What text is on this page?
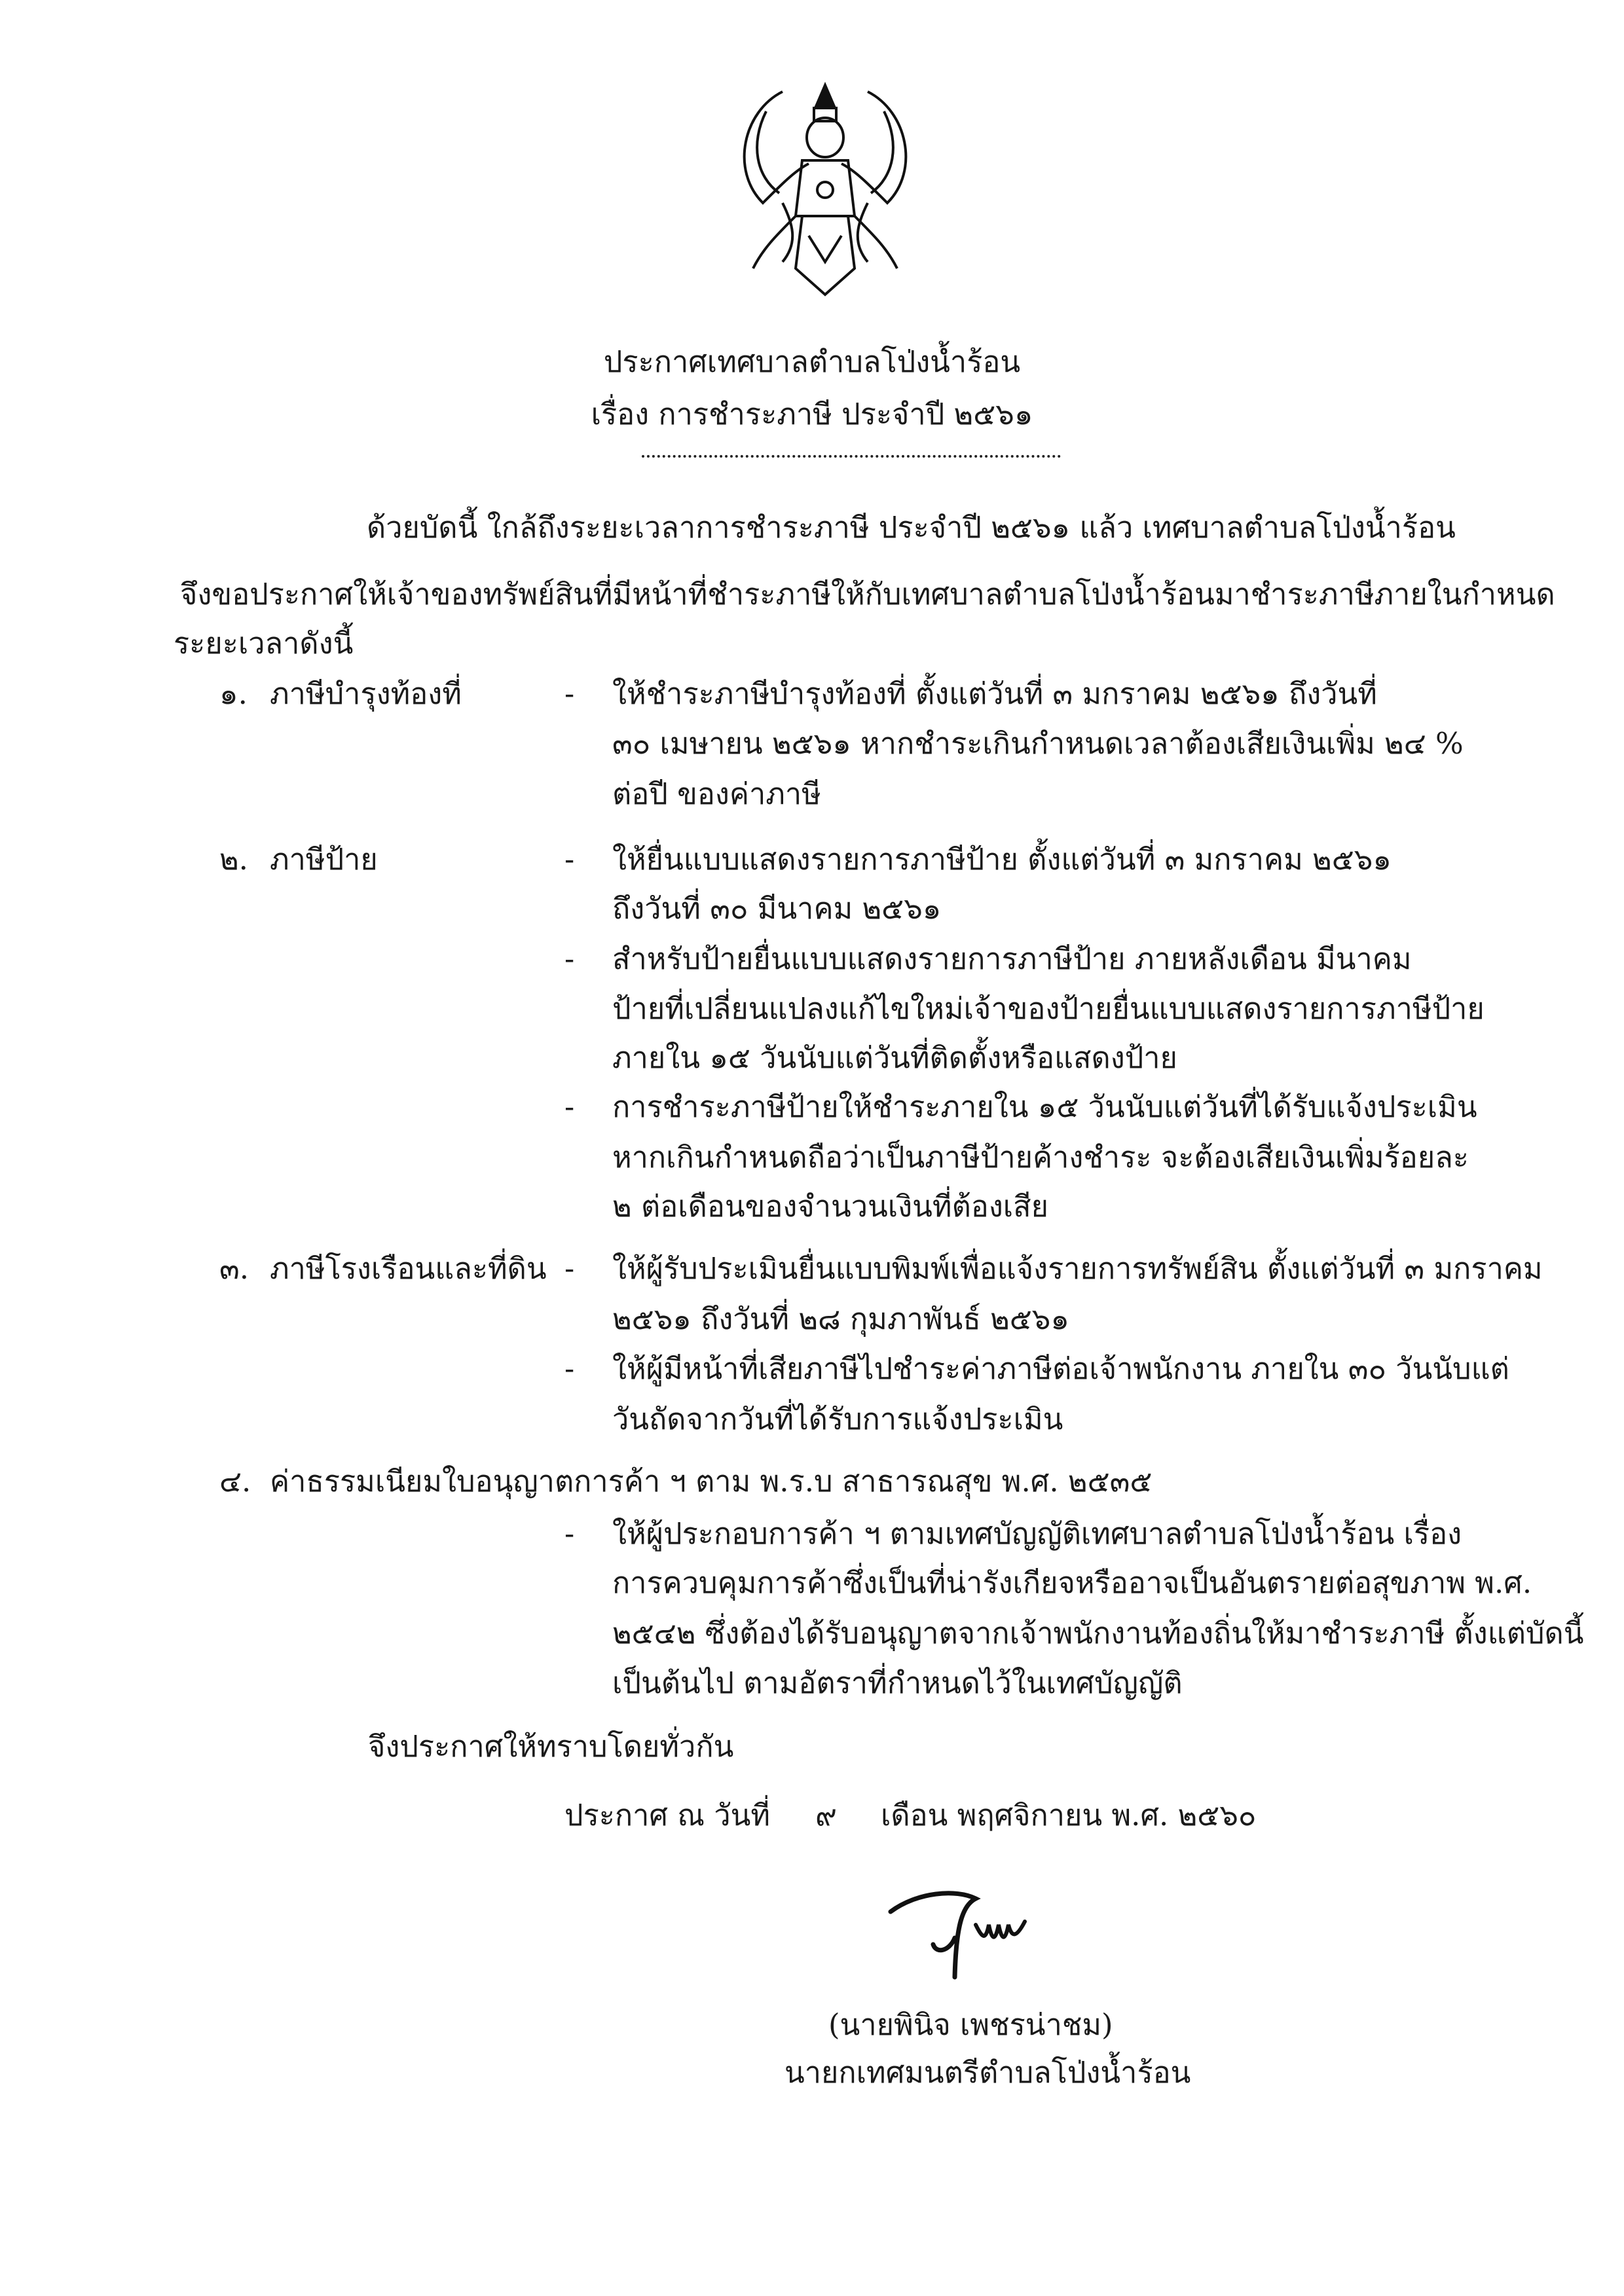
ประกาศเทศบาลตำบลโป่งน้ำร้อน
เรื่อง การชำระภาษี ประจำปี ๒๕๖๑
ด้วยบัดนี้ ใกล้ถึงระยะเวลาการชำระภาษี ประจำปี ๒๕๖๑ แล้ว เทศบาลตำบลโป่งน้ำร้อน
จึงขอประกาศให้เจ้าของทรัพย์สินที่มีหน้าที่ชำระภาษีให้กับเทศบาลตำบลโป่งน้ำร้อนมาชำระภาษีภายในกำหนด
ระยะเวลาดังนี้
๑. ภาษีบำรุงท้องที่	- ให้ชำระภาษีบำรุงท้องที่ ตั้งแต่วันที่ ๓ มกราคม ๒๕๖๑ ถึงวันที่
๓๐ เมษายน ๒๕๖๑ หากชำระเกินกำหนดเวลาต้องเสียเงินเพิ่ม ๒๔ %
ต่อปี ของค่าภาษี
๒. ภาษีป้าย	- ให้ยื่นแบบแสดงรายการภาษีป้าย ตั้งแต่วันที่ ๓ มกราคม ๒๕๖๑
ถึงวันที่ ๓๐ มีนาคม ๒๕๖๑
- สำหรับป้ายยื่นแบบแสดงรายการภาษีป้าย ภายหลังเดือน มีนาคม
ป้ายที่เปลี่ยนแปลงแก้ไขใหม่เจ้าของป้ายยื่นแบบแสดงรายการภาษีป้าย
ภายใน ๑๕ วันนับแต่วันที่ติดตั้งหรือแสดงป้าย
- การชำระภาษีป้ายให้ชำระภายใน ๑๕ วันนับแต่วันที่ได้รับแจ้งประเมิน
หากเกินกำหนดถือว่าเป็นภาษีป้ายค้างชำระ จะต้องเสียเงินเพิ่มร้อยละ
๒ ต่อเดือนของจำนวนเงินที่ต้องเสีย
๓. ภาษีโรงเรือนและที่ดิน - ให้ผู้รับประเมินยื่นแบบพิมพ์เพื่อแจ้งรายการทรัพย์สิน ตั้งแต่วันที่ ๓ มกราคม
๒๕๖๑ ถึงวันที่ ๒๘ กุมภาพันธ์ ๒๕๖๑
- ให้ผู้มีหน้าที่เสียภาษีไปชำระค่าภาษีต่อเจ้าพนักงาน ภายใน ๓๐ วันนับแต่
วันถัดจากวันที่ได้รับการแจ้งประเมิน
๔. ค่าธรรมเนียมใบอนุญาตการค้า ฯ ตาม พ.ร.บ สาธารณสุข พ.ศ. ๒๕๓๕
- ให้ผู้ประกอบการค้า ฯ ตามเทศบัญญัติเทศบาลตำบลโป่งน้ำร้อน เรื่อง
การควบคุมการค้าซึ่งเป็นที่น่ารังเกียจหรืออาจเป็นอันตรายต่อสุขภาพ พ.ศ.
๒๕๔๒ ซึ่งต้องได้รับอนุญาตจากเจ้าพนักงานท้องถิ่นให้มาชำระภาษี ตั้งแต่บัดนี้
เป็นต้นไป ตามอัตราที่กำหนดไว้ในเทศบัญญัติ
จึงประกาศให้ทราบโดยทั่วกัน
ประกาศ ณ วันที่ ๙ เดือน พฤศจิกายน พ.ศ. ๒๕๖๐
(นายพินิจ เพชรน่าชม)
นายกเทศมนตรีตำบลโป่งน้ำร้อน
